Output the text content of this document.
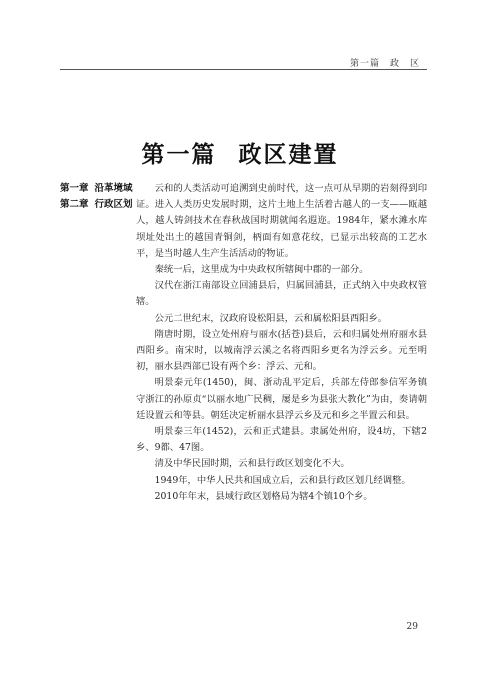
第一篇　政　区
第一篇 政区建置
第一章 沿革境域
第二章 行政区划

云和的人类活动可追溯到史前时代，这一点可从早期的岩刻得到印证。进入人类历史发展时期，这片土地上生活着古越人的一支——瓯越人，越人铸剑技术在春秋战国时期就闻名遐迩。1984年，紧水滩水库坝址处出土的越国青铜剑，柄面有如意花纹，已显示出较高的工艺水平，是当时越人生产生活活动的物证。

秦统一后，这里成为中央政权所辖闽中郡的一部分。

汉代在浙江南部设立回浦县后，归属回浦县，正式纳入中央政权管辖。

公元二世纪末，汉政府设松阳县，云和属松阳县西阳乡。

隋唐时期，设立处州府与丽水(括苍)县后，云和归属处州府丽水县西阳乡。南宋时，以城南浮云溪之名将西阳乡更名为浮云乡。元至明初，丽水县西部已设有两个乡：浮云、元和。

明景泰元年(1450)，闽、浙动乱平定后，兵部左侍郎参信军务镇守浙江的孙原贞“以丽水地广民稠，屡是乡为县张大教化”为由，奏请朝廷设置云和等县。朝廷决定析丽水县浮云乡及元和乡之半置云和县。

明景泰三年(1452)，云和正式建县。隶属处州府，设4坊，下辖2乡、9都、47图。

清及中华民国时期，云和县行政区划变化不大。

1949年，中华人民共和国成立后，云和县行政区划几经调整。

2010年年末，县域行政区划格局为辖4个镇10个乡。

29
